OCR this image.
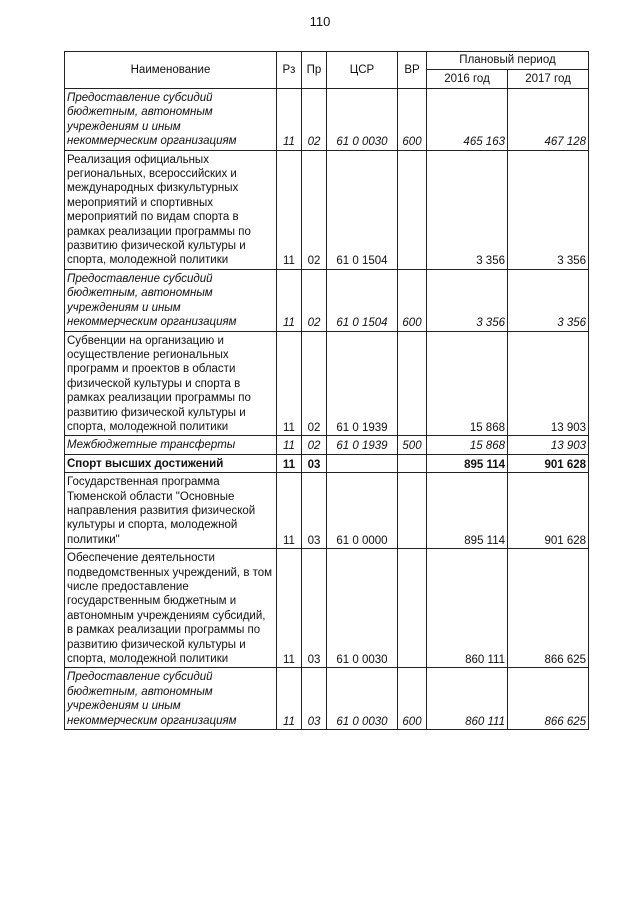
110
Наименование	Рз	Пр	ЦСР	ВР	Плановый период	
					2016 год	2017 год
Предоставление субсидий бюджетным, автономным учреждениям и иным некоммерческим организациям	11	02	61 0 0030	600	465 163	467 128
Реализация официальных региональных, всероссийских и международных физкультурных мероприятий и спортивных мероприятий по видам спорта в рамках реализации программы по развитию физической культуры и спорта, молодежной политики	11	02	61 0 1504		3 356	3 356
Предоставление субсидий бюджетным, автономным учреждениям и иным некоммерческим организациям	11	02	61 0 1504	600	3 356	3 356
Субвенции на организацию и осуществление региональных программ и проектов в области физической культуры и спорта в рамках реализации программы по развитию физической культуры и спорта, молодежной политики	11	02	61 0 1939		15 868	13 903
Межбюджетные трансферты	11	02	61 0 1939	500	15 868	13 903
Спорт высших достижений	11	03			895 114	901 628
Государственная программа Тюменской области "Основные направления развития физической культуры и спорта, молодежной политики"	11	03	61 0 0000		895 114	901 628
Обеспечение деятельности подведомственных учреждений, в том числе предоставление государственным бюджетным и автономным учреждениям субсидий, в рамках реализации программы по развитию физической культуры и спорта, молодежной политики	11	03	61 0 0030		860 111	866 625
Предоставление субсидий бюджетным, автономным учреждениям и иным некоммерческим организациям	11	03	61 0 0030	600	860 111	866 625
